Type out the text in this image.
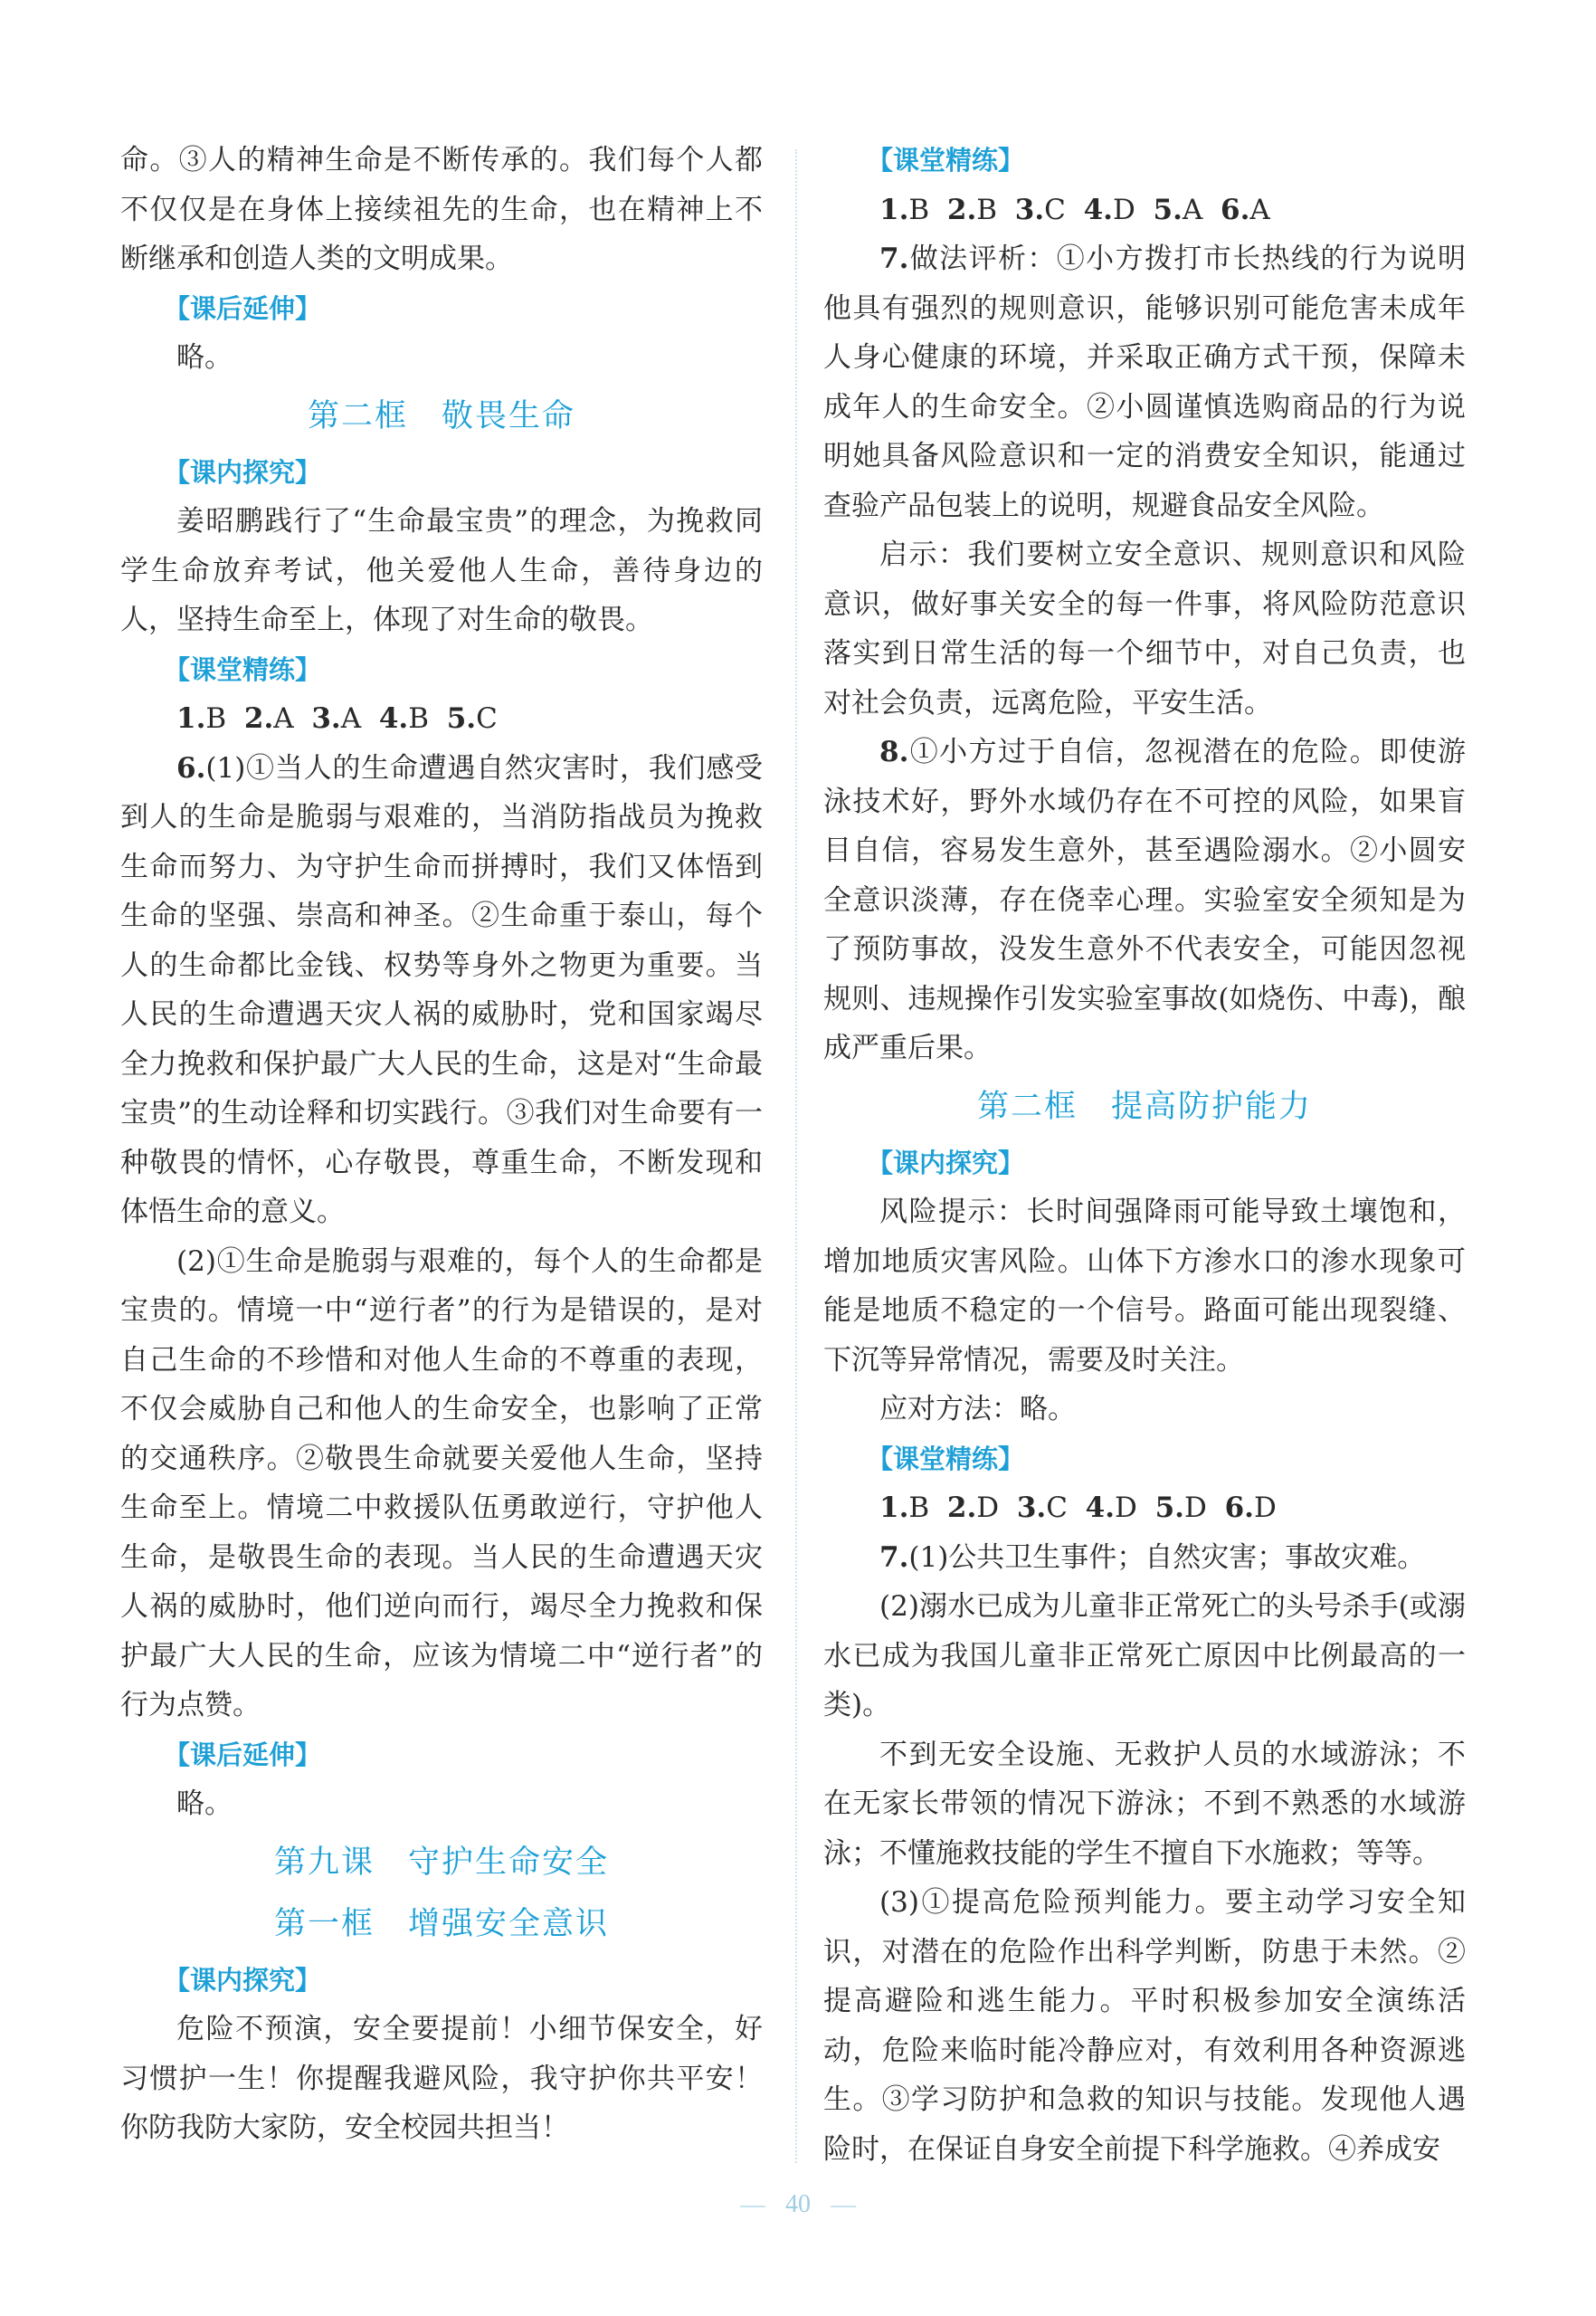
命。③人的精神生命是不断传承的。我们每个人都不仅仅是在身体上接续祖先的生命，也在精神上不断继承和创造人类的文明成果。

【课后延伸】

略。

第二框　敬畏生命

【课内探究】

姜昭鹏践行了“生命最宝贵”的理念，为挽救同学生命放弃考试，他关爱他人生命，善待身边的人，坚持生命至上，体现了对生命的敬畏。

【课堂精练】

1.B 2.A 3.A 4.B 5.C

6.(1)①当人的生命遭遇自然灾害时，我们感受到人的生命是脆弱与艰难的，当消防指战员为挽救生命而努力、为守护生命而拼搏时，我们又体悟到生命的坚强、崇高和神圣。②生命重于泰山，每个人的生命都比金钱、权势等身外之物更为重要。当人民的生命遭遇天灾人祸的威胁时，党和国家竭尽全力挽救和保护最广大人民的生命，这是对“生命最宝贵”的生动诠释和切实践行。③我们对生命要有一种敬畏的情怀，心存敬畏，尊重生命，不断发现和体悟生命的意义。

(2)①生命是脆弱与艰难的，每个人的生命都是宝贵的。情境一中“逆行者”的行为是错误的，是对自己生命的不珍惜和对他人生命的不尊重的表现，不仅会威胁自己和他人的生命安全，也影响了正常的交通秩序。②敬畏生命就要关爱他人生命，坚持生命至上。情境二中救援队伍勇敢逆行，守护他人生命，是敬畏生命的表现。当人民的生命遭遇天灾人祸的威胁时，他们逆向而行，竭尽全力挽救和保护最广大人民的生命，应该为情境二中“逆行者”的行为点赞。

【课后延伸】

略。

第九课　守护生命安全

第一框　增强安全意识

【课内探究】

危险不预演，安全要提前！小细节保安全，好习惯护一生！你提醒我避风险，我守护你共平安！你防我防大家防，安全校园共担当！

【课堂精练】

1.B 2.B 3.C 4.D 5.A 6.A

7.做法评析：①小方拨打市长热线的行为说明他具有强烈的规则意识，能够识别可能危害未成年人身心健康的环境，并采取正确方式干预，保障未成年人的生命安全。②小圆谨慎选购商品的行为说明她具备风险意识和一定的消费安全知识，能通过查验产品包装上的说明，规避食品安全风险。

启示：我们要树立安全意识、规则意识和风险意识，做好事关安全的每一件事，将风险防范意识落实到日常生活的每一个细节中，对自己负责，也对社会负责，远离危险，平安生活。

8.①小方过于自信，忽视潜在的危险。即使游泳技术好，野外水域仍存在不可控的风险，如果盲目自信，容易发生意外，甚至遇险溺水。②小圆安全意识淡薄，存在侥幸心理。实验室安全须知是为了预防事故，没发生意外不代表安全，可能因忽视规则、违规操作引发实验室事故(如烧伤、中毒)，酿成严重后果。

第二框　提高防护能力

【课内探究】

风险提示：长时间强降雨可能导致土壤饱和，增加地质灾害风险。山体下方渗水口的渗水现象可能是地质不稳定的一个信号。路面可能出现裂缝、下沉等异常情况，需要及时关注。

应对方法：略。

【课堂精练】

1.B 2.D 3.C 4.D 5.D 6.D

7.(1)公共卫生事件；自然灾害；事故灾难。

(2)溺水已成为儿童非正常死亡的头号杀手(或溺水已成为我国儿童非正常死亡原因中比例最高的一类)。

不到无安全设施、无救护人员的水域游泳；不在无家长带领的情况下游泳；不到不熟悉的水域游泳；不懂施救技能的学生不擅自下水施救；等等。

(3)①提高危险预判能力。要主动学习安全知识，对潜在的危险作出科学判断，防患于未然。②提高避险和逃生能力。平时积极参加安全演练活动，危险来临时能冷静应对，有效利用各种资源逃生。③学习防护和急救的知识与技能。发现他人遇险时，在保证自身安全前提下科学施救。④养成安

40
